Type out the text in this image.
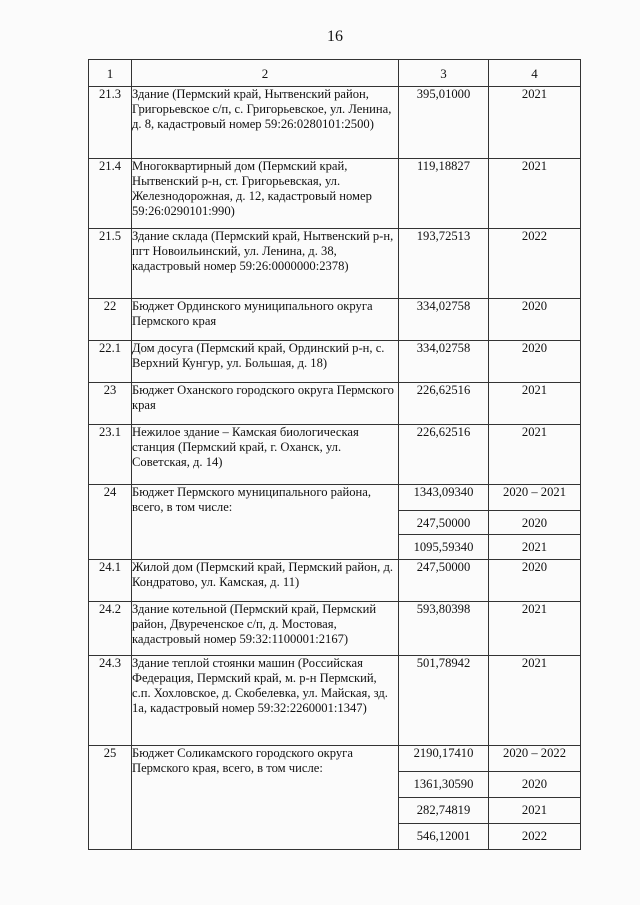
16
1	2	3	4
21.3	Здание (Пермский край, Нытвенский район, Григорьевское с/п, с. Григорьевское, ул. Ленина, д. 8, кадастровый номер 59:26:0280101:2500)	395,01000	2021
21.4	Многоквартирный дом (Пермский край, Нытвенский р-н, ст. Григорьевская, ул. Железнодорожная, д. 12, кадастровый номер 59:26:0290101:990)	119,18827	2021
21.5	Здание склада (Пермский край, Нытвенский р-н, пгт Новоильинский, ул. Ленина, д. 38, кадастровый номер 59:26:0000000:2378)	193,72513	2022
22	Бюджет Ординского муниципального округа Пермского края	334,02758	2020
22.1	Дом досуга (Пермский край, Ординский р-н, с. Верхний Кунгур, ул. Большая, д. 18)	334,02758	2020
23	Бюджет Оханского городского округа Пермского края	226,62516	2021
23.1	Нежилое здание – Камская биологическая станция (Пермский край, г. Оханск, ул. Советская, д. 14)	226,62516	2021
24	Бюджет Пермского муниципального района, всего, в том числе:	1343,09340	2020 – 2021
		247,50000	2020
		1095,59340	2021
24.1	Жилой дом (Пермский край, Пермский район, д. Кондратово, ул. Камская, д. 11)	247,50000	2020
24.2	Здание котельной (Пермский край, Пермский район, Двуреченское с/п, д. Мостовая, кадастровый номер 59:32:1100001:2167)	593,80398	2021
24.3	Здание теплой стоянки машин (Российская Федерация, Пермский край, м. р-н Пермский, с.п. Хохловское, д. Скобелевка, ул. Майская, зд. 1а, кадастровый номер 59:32:2260001:1347)	501,78942	2021
25	Бюджет Соликамского городского округа Пермского края, всего, в том числе:	2190,17410	2020 – 2022
		1361,30590	2020
		282,74819	2021
		546,12001	2022
